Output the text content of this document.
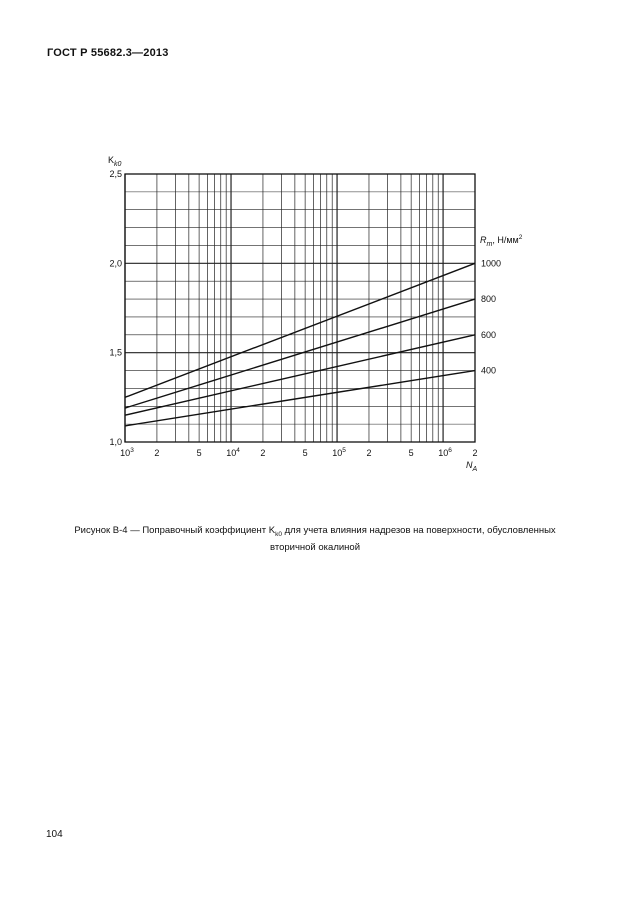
ГОСТ Р 55682.3—2013
1000
800
600
400
1,0
1,5
2,0
2,5
$K_{k0}$
$10^3$ 2	5	$10^4$ 2	5	$10^5$ 2	5	$10^6$ 2
$N_A$
$R_m$, $Н/мм^2$
Рисунок В-4 — Поправочный коэффициент $K_{k0}$ для учета влияния надрезов на поверхности, обусловленных
вторичной окалиной
104
